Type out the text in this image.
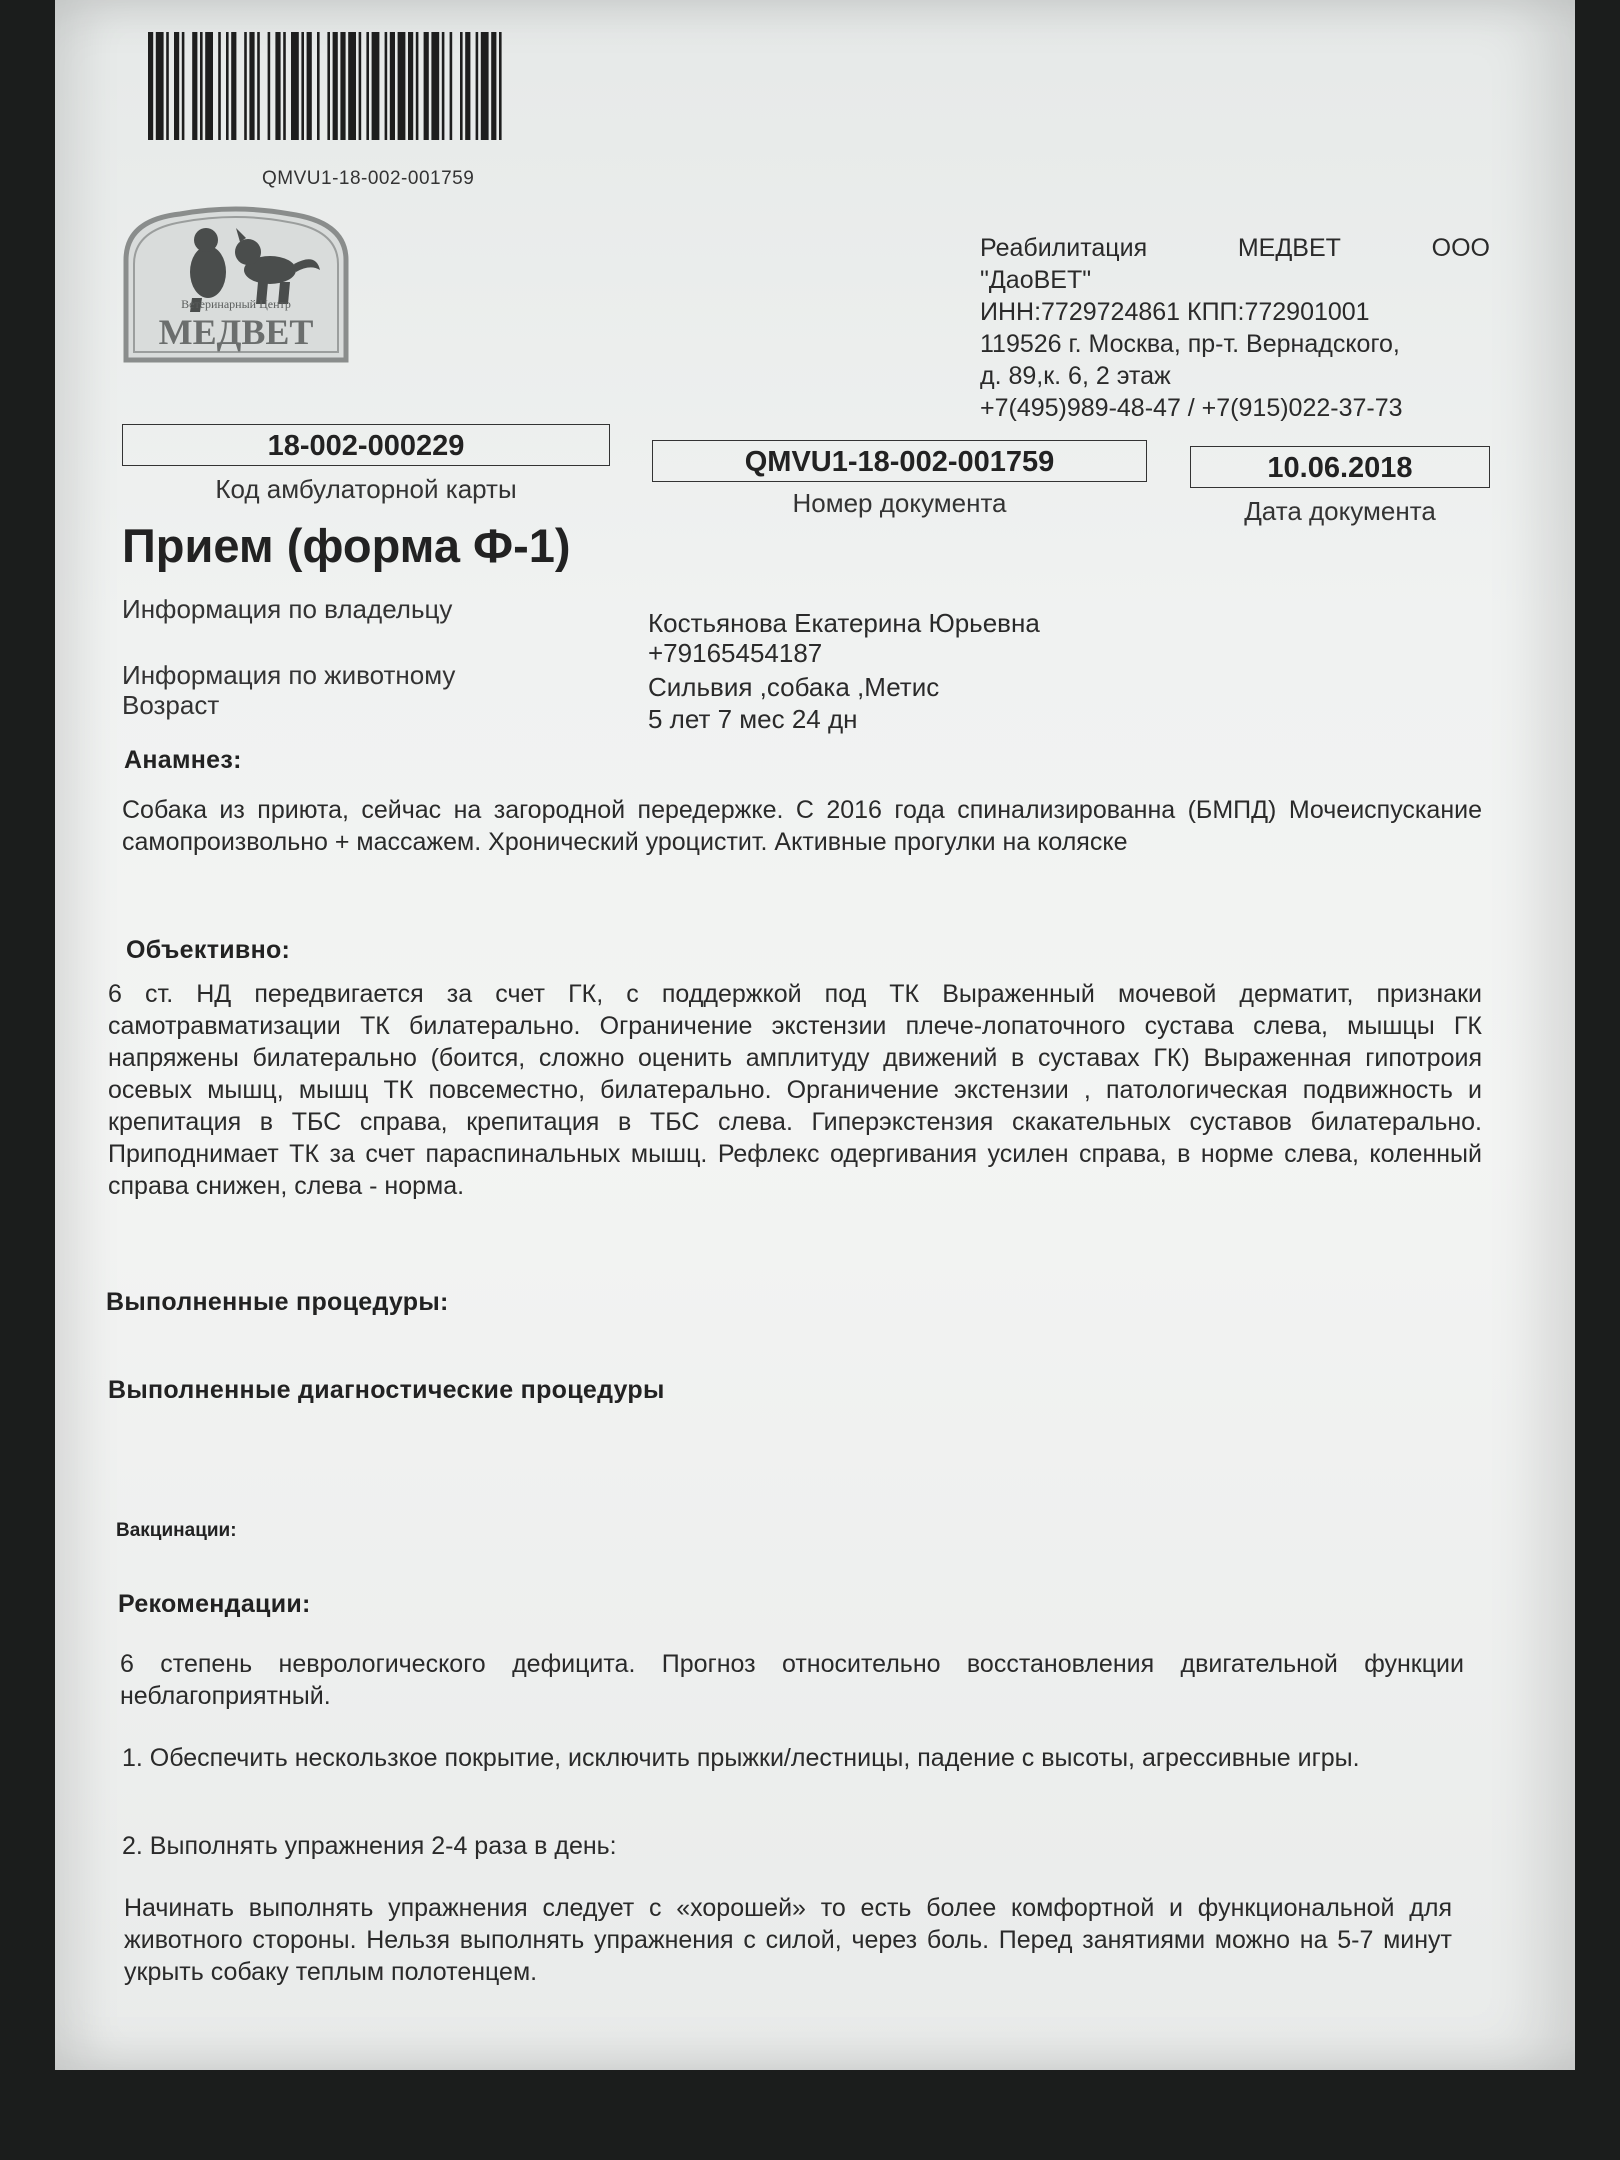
QMVU1-18-002-001759
Ветеринарный Центр
МЕДВЕТ
Реабилитация	МЕДВЕТ	ООО
"ДаоВЕТ"
ИНН:7729724861 КПП:772901001
119526 г. Москва, пр-т. Вернадского,
д. 89,к. 6, 2 этаж
+7(495)989-48-47 / +7(915)022-37-73
18-002-000229
Код амбулаторной карты
QMVU1-18-002-001759
Номер документа
10.06.2018
Дата документа
Прием (форма Ф-1)
Информация по владельцу
Информация по животному
Возраст
Костьянова Екатерина Юрьевна
+79165454187
Сильвия ,собака ,Метис
5 лет 7 мес 24 дн
Анамнез:
Собака из приюта, сейчас на загородной передержке. С 2016 года спинализированна (БМПД) Мочеиспускание самопроизвольно + массажем. Хронический уроцистит. Активные прогулки на коляске
Объективно:
6 ст. НД передвигается за счет ГК, с поддержкой под ТК Выраженный мочевой дерматит, признаки самотравматизации ТК билатерально. Ограничение экстензии плече-лопаточного сустава слева, мышцы ГК напряжены билатерально (боится, сложно оценить амплитуду движений в суставах ГК) Выраженная гипотроия осевых мышц, мышц ТК повсеместно, билатерально. Органичение экстензии , патологическая подвижность и крепитация в ТБС справа, крепитация в ТБС слева. Гиперэкстензия скакательных суставов билатерально. Приподнимает ТК за счет параспинальных мышц. Рефлекс одергивания усилен справа, в норме слева, коленный справа снижен, слева - норма.
Выполненные процедуры:
Выполненные диагностические процедуры
Вакцинации:
Рекомендации:
6 степень неврологического дефицита. Прогноз относительно восстановления двигательной функции неблагоприятный.
1. Обеспечить нескользкое покрытие, исключить прыжки/лестницы, падение с высоты, агрессивные игры.
2. Выполнять упражнения 2-4 раза в день:
Начинать выполнять упражнения следует с «хорошей» то есть более комфортной и функциональной для животного стороны. Нельзя выполнять упражнения с силой, через боль. Перед занятиями можно на 5-7 минут укрыть собаку теплым полотенцем.
